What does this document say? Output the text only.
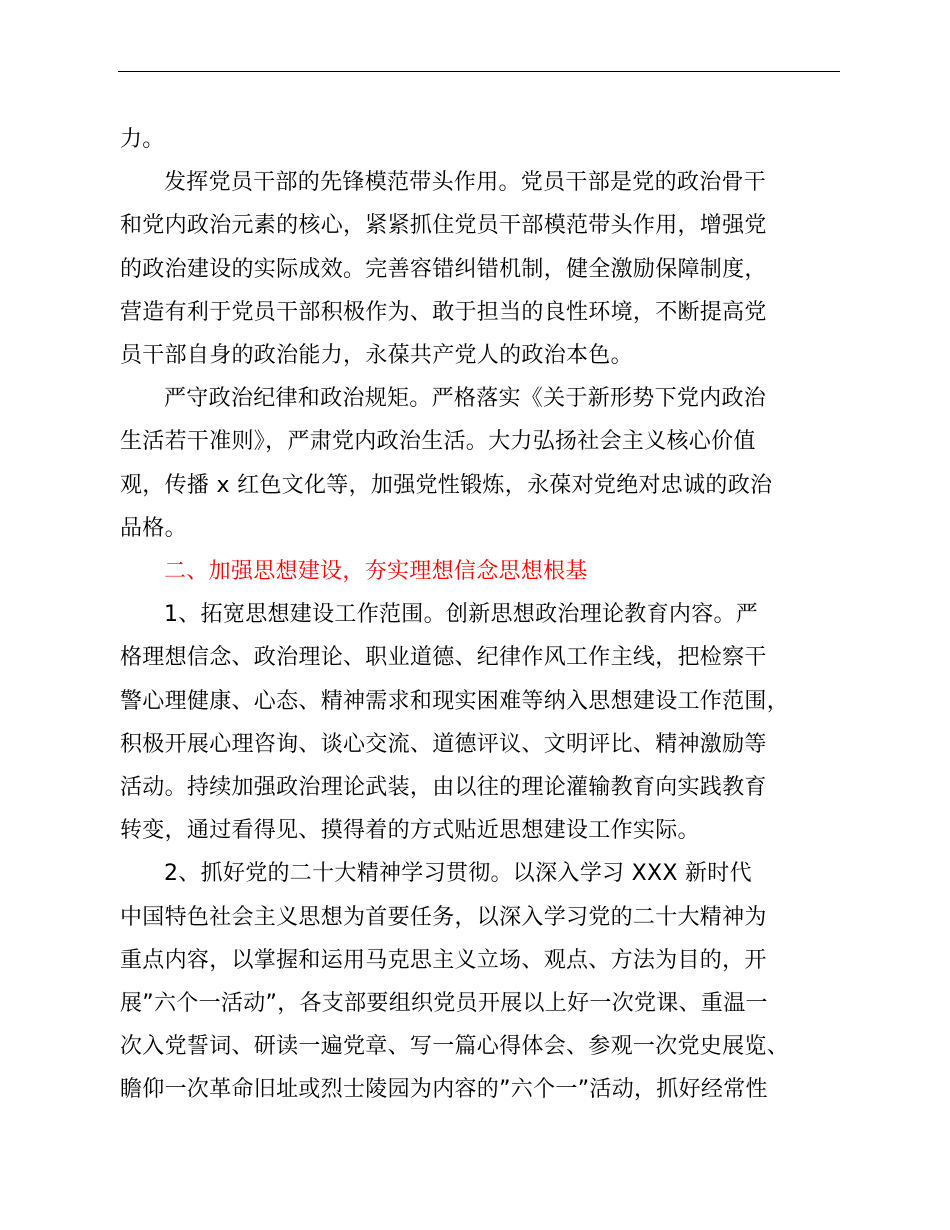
力。

发挥党员干部的先锋模范带头作用。党员干部是党的政治骨干
和党内政治元素的核心，紧紧抓住党员干部模范带头作用，增强党
的政治建设的实际成效。完善容错纠错机制，健全激励保障制度，
营造有利于党员干部积极作为、敢于担当的良性环境，不断提高党
员干部自身的政治能力，永葆共产党人的政治本色。

严守政治纪律和政治规矩。严格落实《关于新形势下党内政治
生活若干准则》，严肃党内政治生活。大力弘扬社会主义核心价值
观，传播 x 红色文化等，加强党性锻炼，永葆对党绝对忠诚的政治
品格。

二、加强思想建设，夯实理想信念思想根基

1、拓宽思想建设工作范围。创新思想政治理论教育内容。严
格理想信念、政治理论、职业道德、纪律作风工作主线，把检察干
警心理健康、心态、精神需求和现实困难等纳入思想建设工作范围，
积极开展心理咨询、谈心交流、道德评议、文明评比、精神激励等
活动。持续加强政治理论武装，由以往的理论灌输教育向实践教育
转变，通过看得见、摸得着的方式贴近思想建设工作实际。

2、抓好党的二十大精神学习贯彻。以深入学习 XXX 新时代
中国特色社会主义思想为首要任务，以深入学习党的二十大精神为
重点内容，以掌握和运用马克思主义立场、观点、方法为目的，开
展”六个一活动”，各支部要组织党员开展以上好一次党课、重温一
次入党誓词、研读一遍党章、写一篇心得体会、参观一次党史展览、
瞻仰一次革命旧址或烈士陵园为内容的”六个一”活动，抓好经常性
